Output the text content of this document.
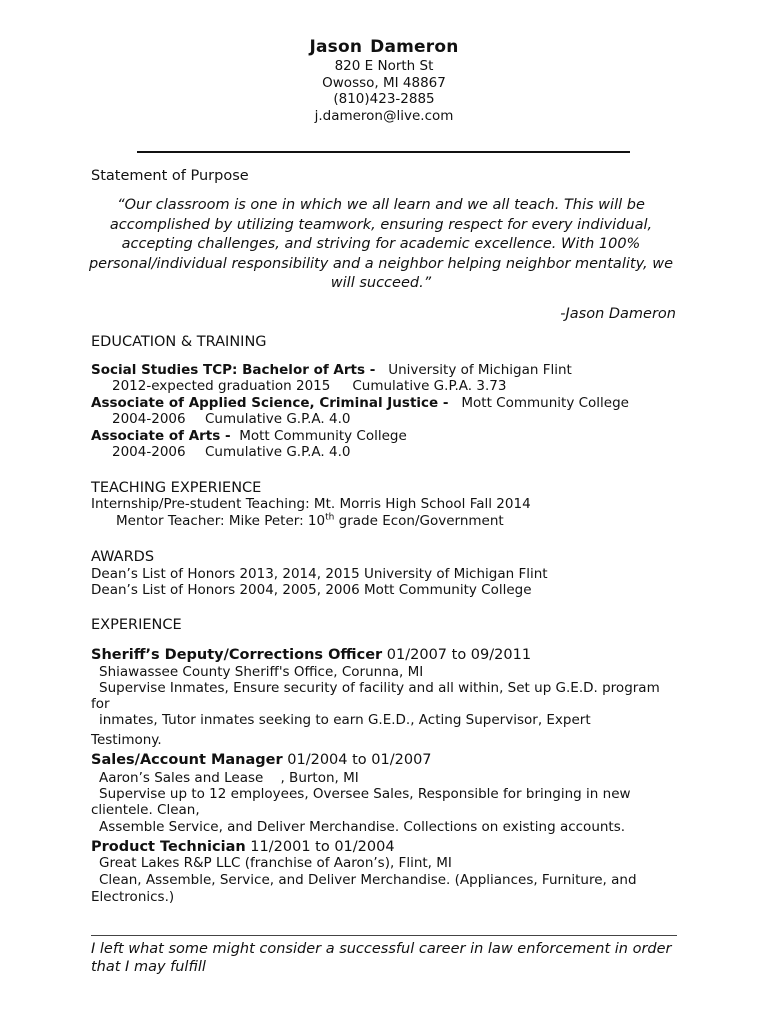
Jason Dameron
820 E North St
Owosso, MI 48867
(810)423-2885
j.dameron@live.com
Statement of Purpose
“Our classroom is one in which we all learn and we all teach. This will be accomplished by utilizing teamwork, ensuring respect for every individual, accepting challenges, and striving for academic excellence. With 100% personal/individual responsibility and a neighbor helping neighbor mentality, we will succeed.”
-Jason Dameron
EDUCATION & TRAINING
Social Studies TCP: Bachelor of Arts - University of Michigan Flint
2012-expected graduation 2015 Cumulative G.P.A. 3.73
Associate of Applied Science, Criminal Justice - Mott Community College
2004-2006 Cumulative G.P.A. 4.0
Associate of Arts - Mott Community College
2004-2006 Cumulative G.P.A. 4.0
TEACHING EXPERIENCE
Internship/Pre-student Teaching: Mt. Morris High School Fall 2014
Mentor Teacher: Mike Peter: 10th grade Econ/Government
AWARDS
Dean’s List of Honors 2013, 2014, 2015 University of Michigan Flint
Dean’s List of Honors 2004, 2005, 2006 Mott Community College
EXPERIENCE
Sheriff’s Deputy/Corrections Officer 01/2007 to 09/2011
Shiawassee County Sheriff's Office, Corunna, MI
Supervise Inmates, Ensure security of facility and all within, Set up G.E.D. program
for
inmates, Tutor inmates seeking to earn G.E.D., Acting Supervisor, Expert
Testimony.
Sales/Account Manager 01/2004 to 01/2007
Aaron’s Sales and Lease    , Burton, MI
Supervise up to 12 employees, Oversee Sales, Responsible for bringing in new
clientele. Clean,
Assemble Service, and Deliver Merchandise. Collections on existing accounts.
Product Technician 11/2001 to 01/2004
Great Lakes R&P LLC (franchise of Aaron’s), Flint, MI
Clean, Assemble, Service, and Deliver Merchandise. (Appliances, Furniture, and
Electronics.)
I left what some might consider a successful career in law enforcement in order that I may fulfill
